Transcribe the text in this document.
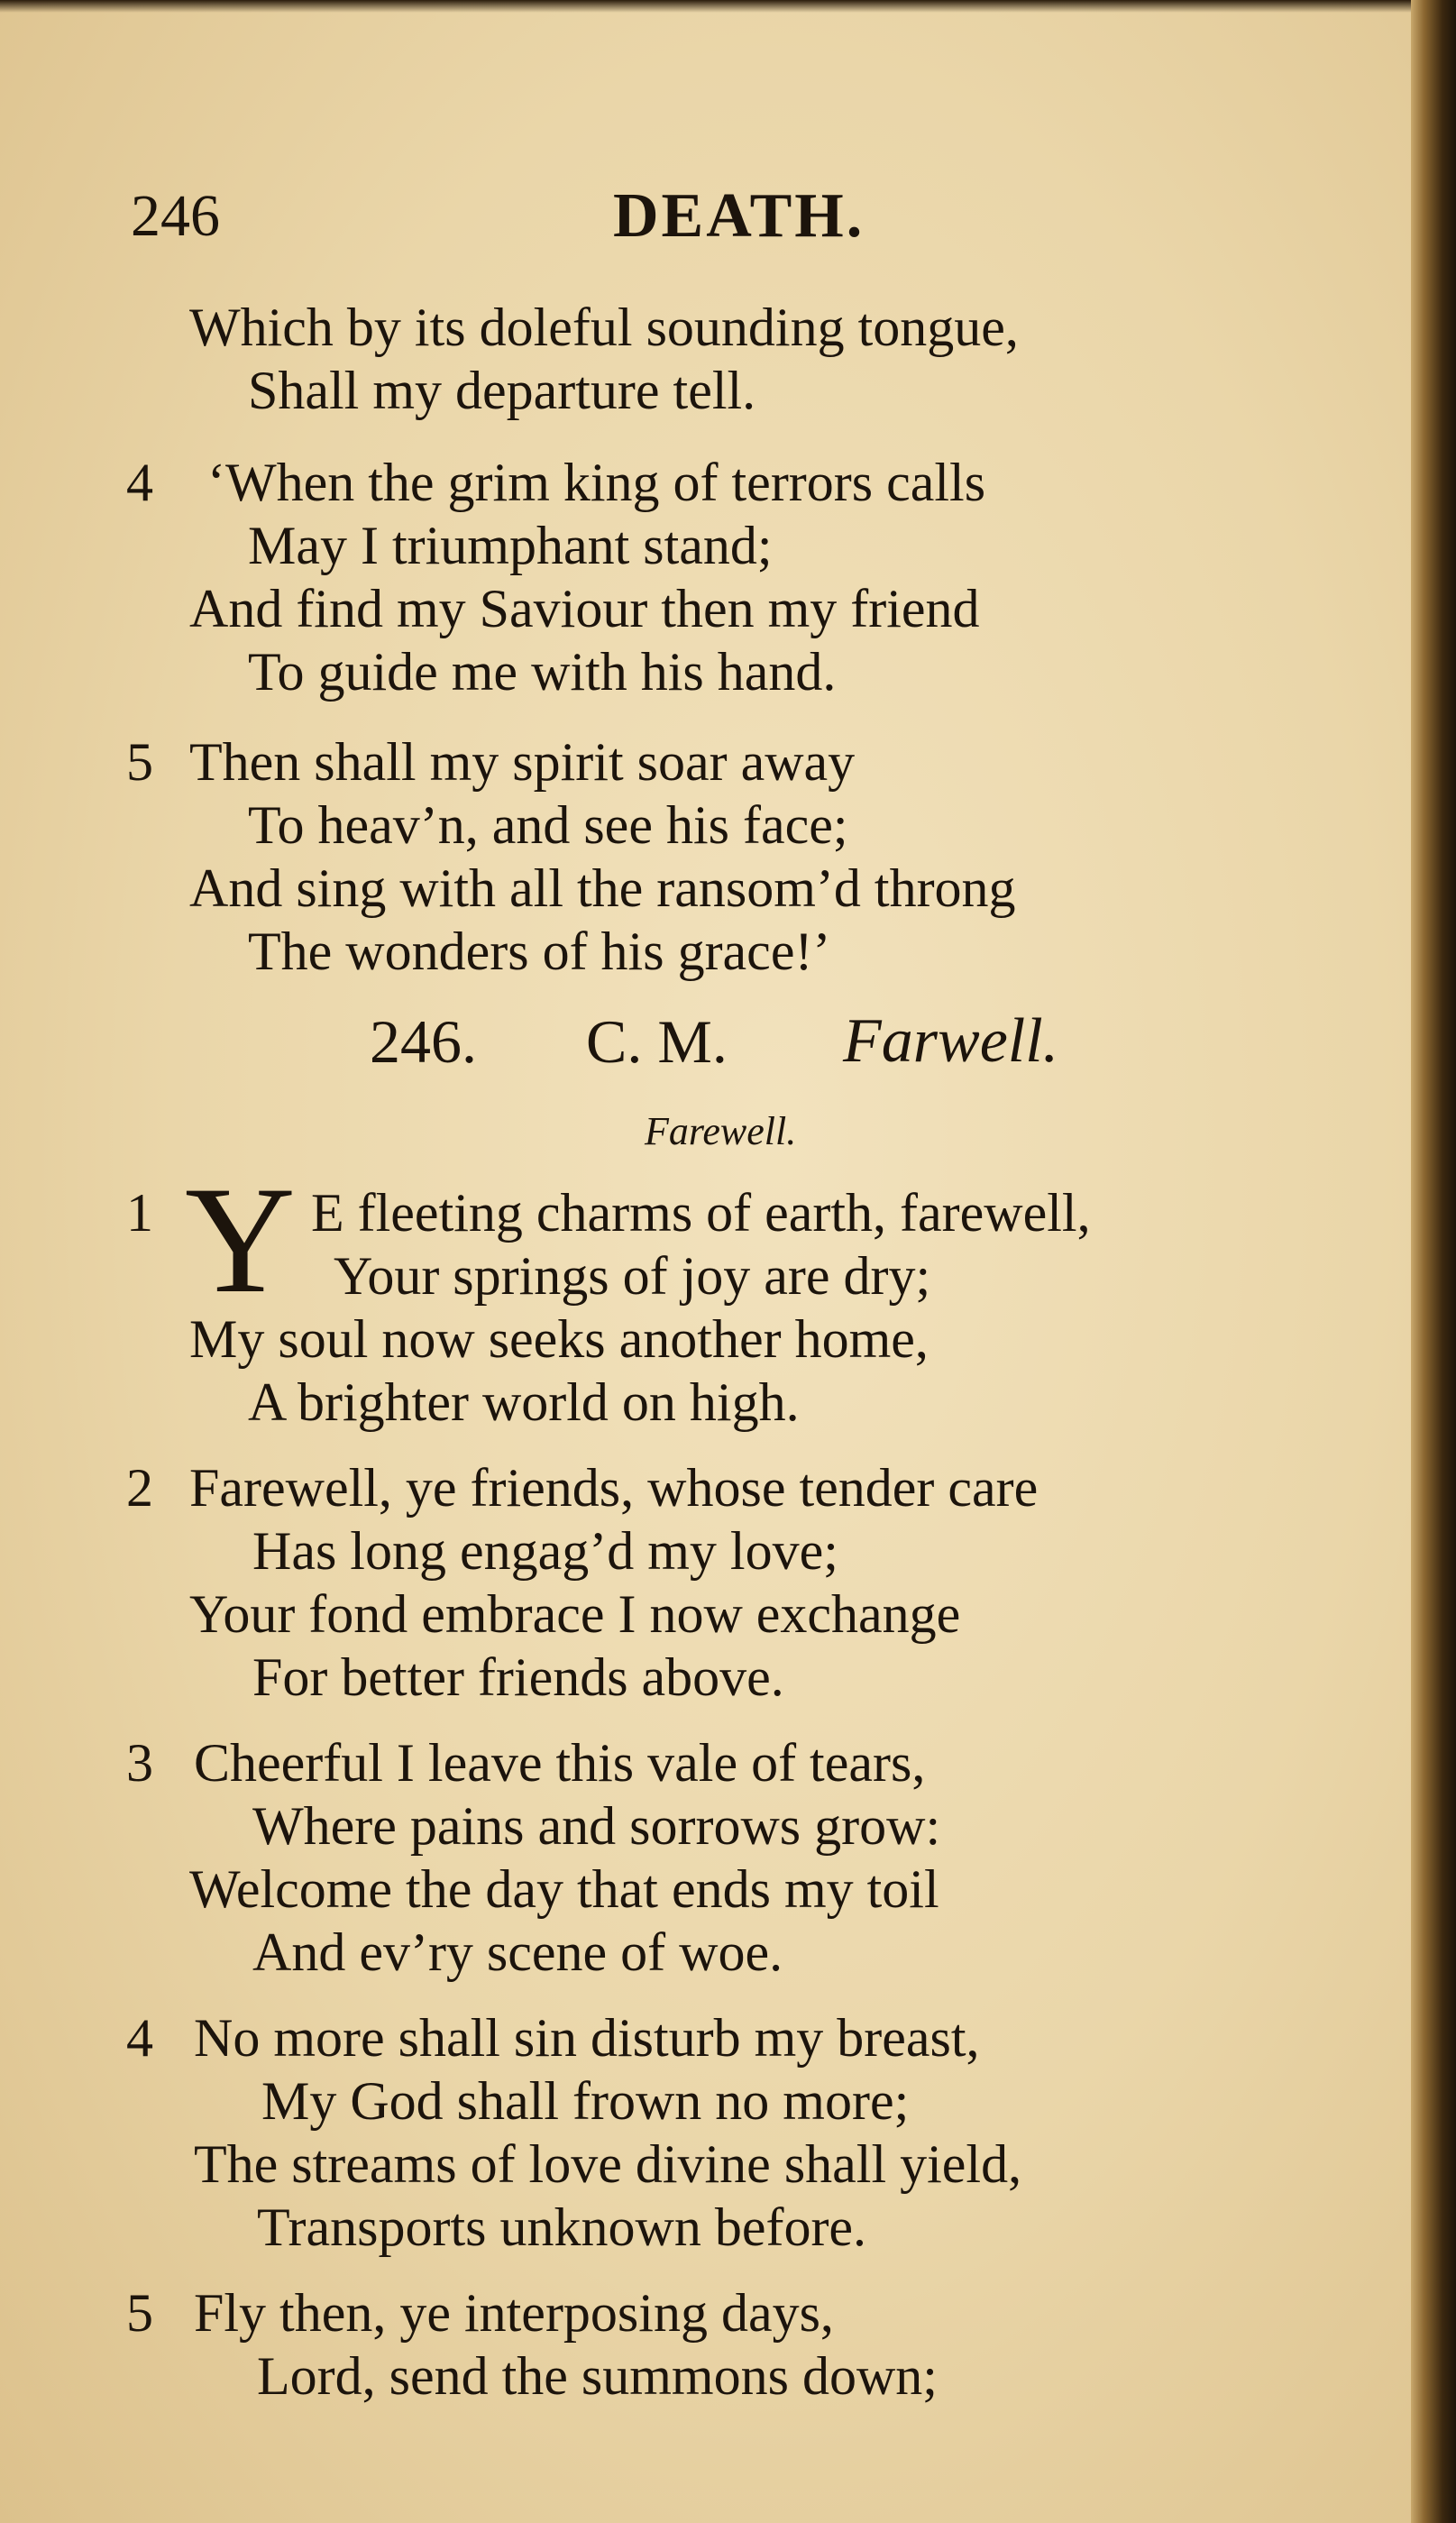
246	DEATH.
Which by its doleful sounding tongue,
Shall my departure tell.
4 ‘When the grim king of terrors calls
May I triumphant stand;
And find my Saviour then my friend
To guide me with his hand.
5 Then shall my spirit soar away
To heav’n, and see his face;
And sing with all the ransom’d throng
The wonders of his grace!’
246. C. M. Farwell.
Farewell.
1 Y E fleeting charms of earth, farewell,
Your springs of joy are dry;
My soul now seeks another home,
A brighter world on high.
2 Farewell, ye friends, whose tender care
Has long engag’d my love;
Your fond embrace I now exchange
For better friends above.
3 Cheerful I leave this vale of tears,
Where pains and sorrows grow:
Welcome the day that ends my toil
And ev’ry scene of woe.
4 No more shall sin disturb my breast,
My God shall frown no more;
The streams of love divine shall yield,
Transports unknown before.
5 Fly then, ye interposing days,
Lord, send the summons down;
